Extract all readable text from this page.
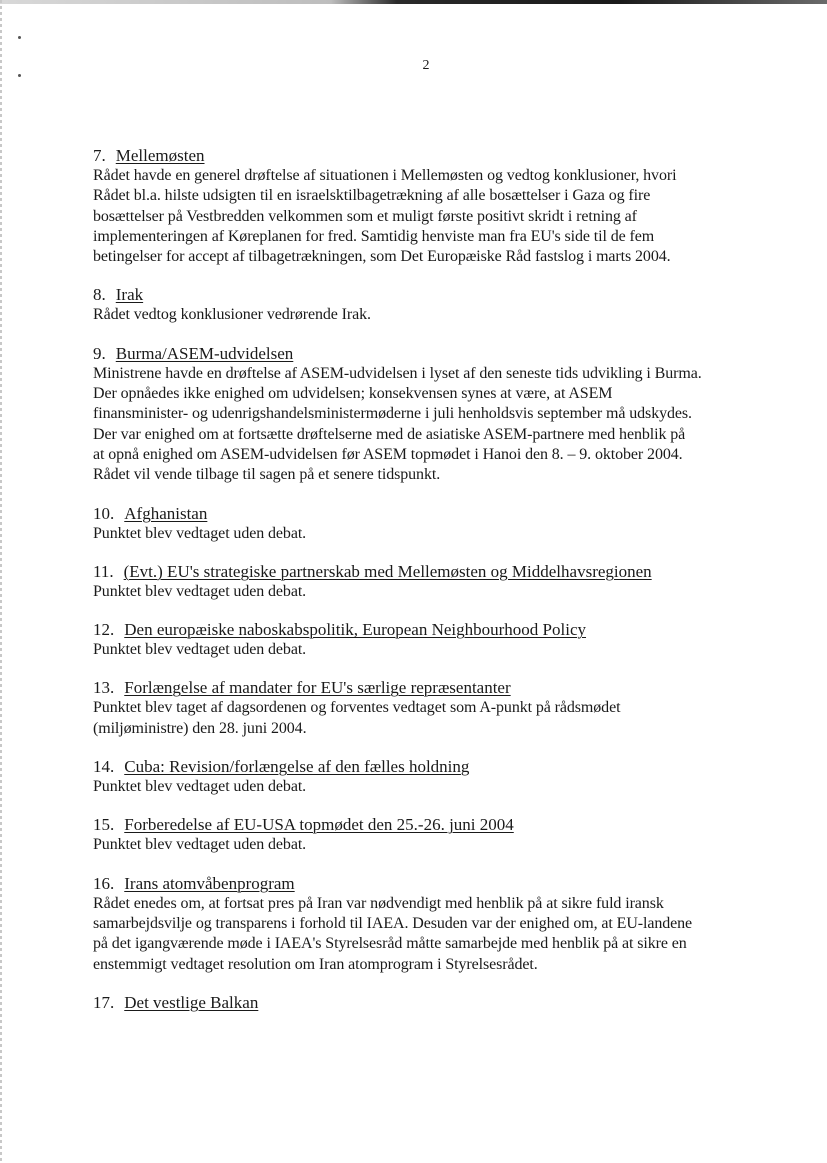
2
7. Mellemøsten
Rådet havde en generel drøftelse af situationen i Mellemøsten og vedtog konklusioner, hvori
Rådet bl.a. hilste udsigten til en israelsktilbagetrækning af alle bosættelser i Gaza og fire
bosættelser på Vestbredden velkommen som et muligt første positivt skridt i retning af
implementeringen af Køreplanen for fred. Samtidig henviste man fra EU's side til de fem
betingelser for accept af tilbagetrækningen, som Det Europæiske Råd fastslog i marts 2004.
8. Irak
Rådet vedtog konklusioner vedrørende Irak.
9. Burma/ASEM-udvidelsen
Ministrene havde en drøftelse af ASEM-udvidelsen i lyset af den seneste tids udvikling i Burma.
Der opnåedes ikke enighed om udvidelsen; konsekvensen synes at være, at ASEM
finansminister- og udenrigshandelsministermøderne i juli henholdsvis september må udskydes.
Der var enighed om at fortsætte drøftelserne med de asiatiske ASEM-partnere med henblik på
at opnå enighed om ASEM-udvidelsen før ASEM topmødet i Hanoi den 8. – 9. oktober 2004.
Rådet vil vende tilbage til sagen på et senere tidspunkt.
10. Afghanistan
Punktet blev vedtaget uden debat.
11. (Evt.) EU's strategiske partnerskab med Mellemøsten og Middelhavsregionen
Punktet blev vedtaget uden debat.
12. Den europæiske naboskabspolitik, European Neighbourhood Policy
Punktet blev vedtaget uden debat.
13. Forlængelse af mandater for EU's særlige repræsentanter
Punktet blev taget af dagsordenen og forventes vedtaget som A-punkt på rådsmødet
(miljøministre) den 28. juni 2004.
14. Cuba: Revision/forlængelse af den fælles holdning
Punktet blev vedtaget uden debat.
15. Forberedelse af EU-USA topmødet den 25.-26. juni 2004
Punktet blev vedtaget uden debat.
16. Irans atomvåbenprogram
Rådet enedes om, at fortsat pres på Iran var nødvendigt med henblik på at sikre fuld iransk
samarbejdsvilje og transparens i forhold til IAEA. Desuden var der enighed om, at EU-landene
på det igangværende møde i IAEA's Styrelsesråd måtte samarbejde med henblik på at sikre en
enstemmigt vedtaget resolution om Iran atomprogram i Styrelsesrådet.
17. Det vestlige Balkan
